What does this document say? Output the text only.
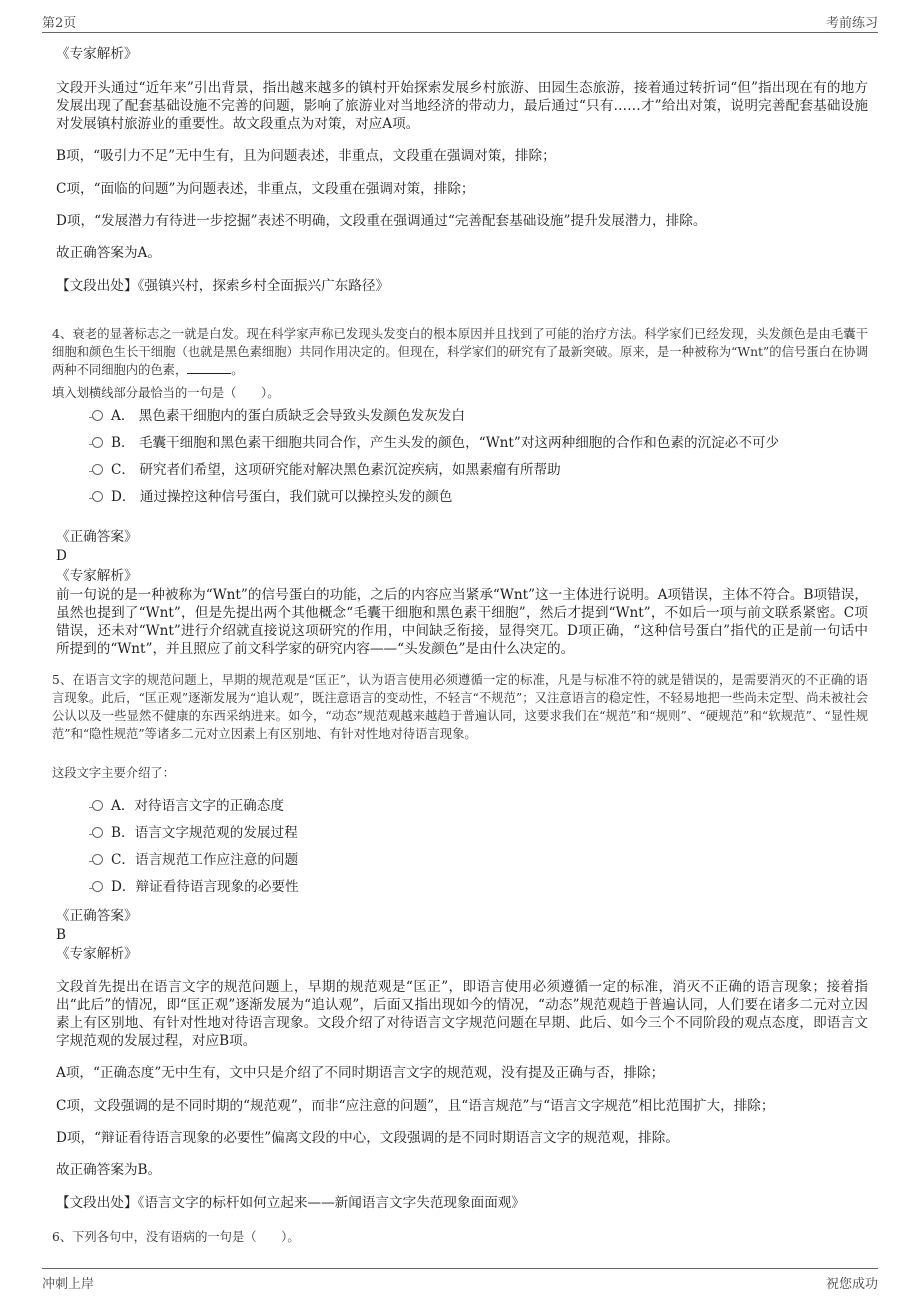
第2页	考前练习

《专家解析》

文段开头通过“近年来”引出背景，指出越来越多的镇村开始探索发展乡村旅游、田园生态旅游，接着通过转折词“但”指出现在有的地方发展出现了配套基础设施不完善的问题，影响了旅游业对当地经济的带动力，最后通过“只有……才”给出对策，说明完善配套基础设施对发展镇村旅游业的重要性。故文段重点为对策，对应A项。

B项，“吸引力不足”无中生有，且为问题表述，非重点，文段重在强调对策，排除；

C项，“面临的问题”为问题表述，非重点，文段重在强调对策，排除；

D项，“发展潜力有待进一步挖掘”表述不明确，文段重在强调通过“完善配套基础设施”提升发展潜力，排除。

故正确答案为A。

【文段出处】《强镇兴村，探索乡村全面振兴广东路径》

4、衰老的显著标志之一就是白发。现在科学家声称已发现头发变白的根本原因并且找到了可能的治疗方法。科学家们已经发现，头发颜色是由毛囊干细胞和颜色生长干细胞（也就是黑色素细胞）共同作用决定的。但现在，科学家们的研究有了最新突破。原来，是一种被称为“Wnt”的信号蛋白在协调两种不同细胞内的色素，	。

填入划横线部分最恰当的一句是（　　）。

A． 黑色素干细胞内的蛋白质缺乏会导致头发颜色发灰发白
B． 毛囊干细胞和黑色素干细胞共同合作，产生头发的颜色，“Wnt”对这两种细胞的合作和色素的沉淀必不可少
C． 研究者们希望，这项研究能对解决黑色素沉淀疾病，如黑素瘤有所帮助
D． 通过操控这种信号蛋白，我们就可以操控头发的颜色

《正确答案》

D

《专家解析》

前一句说的是一种被称为“Wnt”的信号蛋白的功能，之后的内容应当紧承“Wnt”这一主体进行说明。A项错误，主体不符合。B项错误，虽然也提到了“Wnt”，但是先提出两个其他概念“毛囊干细胞和黑色素干细胞”，然后才提到“Wnt”，不如后一项与前文联系紧密。C项错误，还未对“Wnt”进行介绍就直接说这项研究的作用，中间缺乏衔接，显得突兀。D项正确，“这种信号蛋白”指代的正是前一句话中所提到的“Wnt”，并且照应了前文科学家的研究内容——“头发颜色”是由什么决定的。

5、在语言文字的规范问题上，早期的规范观是“匡正”，认为语言使用必须遵循一定的标准，凡是与标准不符的就是错误的，是需要消灭的不正确的语言现象。此后，“匡正观”逐渐发展为“追认观”，既注意语言的变动性，不轻言“不规范”；又注意语言的稳定性，不轻易地把一些尚未定型、尚未被社会公认以及一些显然不健康的东西采纳进来。如今，“动态”规范观越来越趋于普遍认同，这要求我们在“规范”和“规则”、“硬规范”和“软规范”、“显性规范”和“隐性规范”等诸多二元对立因素上有区别地、有针对性地对待语言现象。

这段文字主要介绍了：

A．对待语言文字的正确态度
B．语言文字规范观的发展过程
C．语言规范工作应注意的问题
D．辩证看待语言现象的必要性

《正确答案》

B

《专家解析》

文段首先提出在语言文字的规范问题上，早期的规范观是“匡正”，即语言使用必须遵循一定的标准，消灭不正确的语言现象；接着指出“此后”的情况，即“匡正观”逐渐发展为“追认观”，后面又指出现如今的情况，“动态”规范观趋于普遍认同，人们要在诸多二元对立因素上有区别地、有针对性地对待语言现象。文段介绍了对待语言文字规范问题在早期、此后、如今三个不同阶段的观点态度，即语言文字规范观的发展过程，对应B项。

A项，“正确态度”无中生有，文中只是介绍了不同时期语言文字的规范观，没有提及正确与否，排除；

C项，文段强调的是不同时期的“规范观”，而非“应注意的问题”，且“语言规范”与“语言文字规范”相比范围扩大，排除；

D项，“辩证看待语言现象的必要性”偏离文段的中心，文段强调的是不同时期语言文字的规范观，排除。

故正确答案为B。

【文段出处】《语言文字的标杆如何立起来——新闻语言文字失范现象面面观》

6、下列各句中，没有语病的一句是（　　）。

冲刺上岸	祝您成功
